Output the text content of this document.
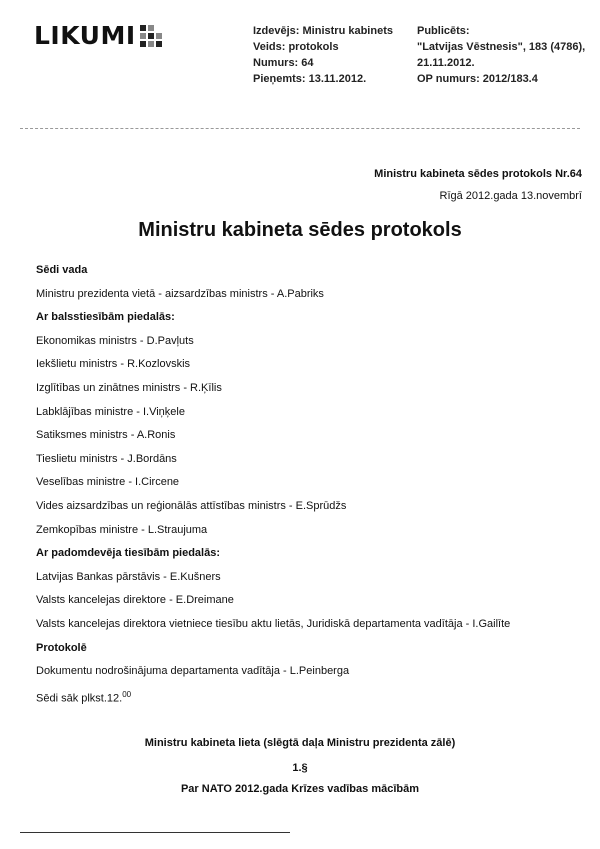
LIKUMI	Izdevējs: Ministru kabinets
Veids: protokols
Numurs: 64
Pieņemts: 13.11.2012.
Publicēts:
"Latvijas Vēstnesis", 183 (4786),
21.11.2012.
OP numurs: 2012/183.4
Ministru kabineta sēdes protokols Nr.64
Rīgā 2012.gada 13.novembrī
Ministru kabineta sēdes protokols
Sēdi vada
Ministru prezidenta vietā - aizsardzības ministrs - A.Pabriks
Ar balsstiesībām piedalās:
Ekonomikas ministrs - D.Pavļuts
Iekšlietu ministrs - R.Kozlovskis
Izglītības un zinātnes ministrs - R.Ķīlis
Labklājības ministre - I.Viņķele
Satiksmes ministrs - A.Ronis
Tieslietu ministrs - J.Bordāns
Veselības ministre - I.Circene
Vides aizsardzības un reģionālās attīstības ministrs - E.Sprūdžs
Zemkopības ministre - L.Straujuma
Ar padomdevēja tiesībām piedalās:
Latvijas Bankas pārstāvis - E.Kušners
Valsts kancelejas direktore - E.Dreimane
Valsts kancelejas direktora vietniece tiesību aktu lietās, Juridiskā departamenta vadītāja - I.Gailīte
Protokolē
Dokumentu nodrošinājuma departamenta vadītāja - L.Peinberga
Sēdi sāk plkst.12.00
Ministru kabineta lieta (slēgtā daļa Ministru prezidenta zālē)
1.§
Par NATO 2012.gada Krīzes vadības mācībām
